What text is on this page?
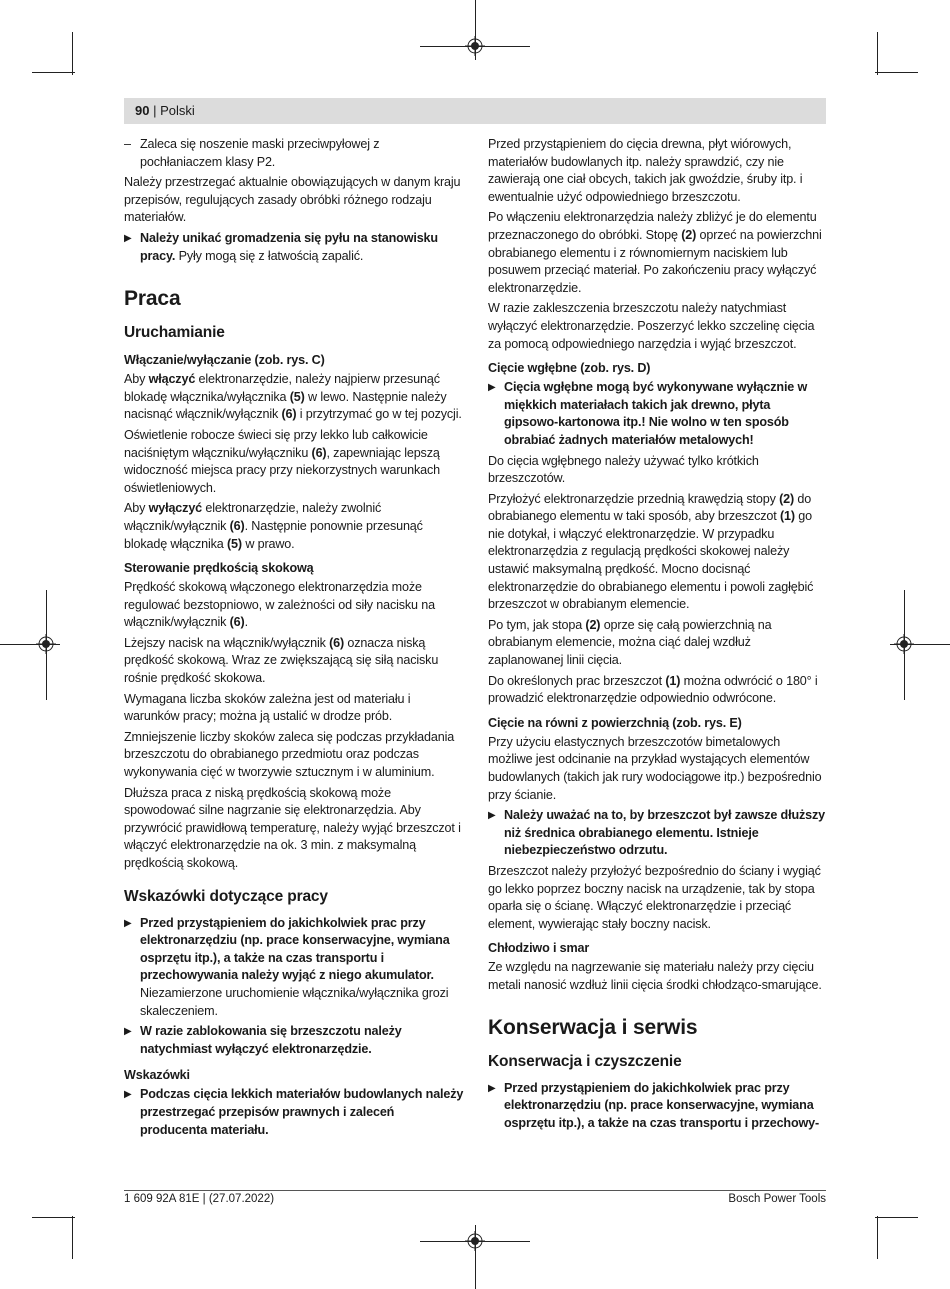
90 | Polski

– Zaleca się noszenie maski przeciwpyłowej z pochłaniaczem klasy P2.

Należy przestrzegać aktualnie obowiązujących w danym kraju przepisów, regulujących zasady obróbki różnego rodzaju materiałów.

▶ Należy unikać gromadzenia się pyłu na stanowisku pracy. Pyły mogą się z łatwością zapalić.

Praca
Uruchamianie
Włączanie/wyłączanie (zob. rys. C)

Aby włączyć elektronarzędzie, należy najpierw przesunąć blokadę włącznika/wyłącznika (5) w lewo. Następnie należy nacisnąć włącznik/wyłącznik (6) i przytrzymać go w tej pozycji.

Oświetlenie robocze świeci się przy lekko lub całkowicie naciśniętym włączniku/wyłączniku (6), zapewniając lepszą widoczność miejsca pracy przy niekorzystnych warunkach oświetleniowych.

Aby wyłączyć elektronarzędzie, należy zwolnić włącznik/wyłącznik (6). Następnie ponownie przesunąć blokadę włącznika (5) w prawo.

Sterowanie prędkością skokową

Prędkość skokową włączonego elektronarzędzia może regulować bezstopniowo, w zależności od siły nacisku na włącznik/wyłącznik (6).

Lżejszy nacisk na włącznik/wyłącznik (6) oznacza niską prędkość skokową. Wraz ze zwiększającą się siłą nacisku rośnie prędkość skokowa.

Wymagana liczba skoków zależna jest od materiału i warunków pracy; można ją ustalić w drodze prób.

Zmniejszenie liczby skoków zaleca się podczas przykładania brzeszczotu do obrabianego przedmiotu oraz podczas wykonywania cięć w tworzywie sztucznym i w aluminium.

Dłuższa praca z niską prędkością skokową może spowodować silne nagrzanie się elektronarzędzia. Aby przywrócić prawidłową temperaturę, należy wyjąć brzeszczot i włączyć elektronarzędzie na ok. 3 min. z maksymalną prędkością skokową.

Wskazówki dotyczące pracy

▶ Przed przystąpieniem do jakichkolwiek prac przy elektronarzędziu (np. prace konserwacyjne, wymiana osprzętu itp.), a także na czas transportu i przechowywania należy wyjąć z niego akumulator. Niezamierzone uruchomienie włącznika/wyłącznika grozi skaleczeniem.

▶ W razie zablokowania się brzeszczotu należy natychmiast wyłączyć elektronarzędzie.

Wskazówki

▶ Podczas cięcia lekkich materiałów budowlanych należy przestrzegać przepisów prawnych i zaleceń producenta materiału.

Przed przystąpieniem do cięcia drewna, płyt wiórowych, materiałów budowlanych itp. należy sprawdzić, czy nie zawierają one ciał obcych, takich jak gwoździe, śruby itp. i ewentualnie użyć odpowiedniego brzeszczotu.

Po włączeniu elektronarzędzia należy zbliżyć je do elementu przeznaczonego do obróbki. Stopę (2) oprzeć na powierzchni obrabianego elementu i z równomiernym naciskiem lub posuwem przeciąć materiał. Po zakończeniu pracy wyłączyć elektronarzędzie.

W razie zakleszczenia brzeszczotu należy natychmiast wyłączyć elektronarzędzie. Poszerzyć lekko szczelinę cięcia za pomocą odpowiedniego narzędzia i wyjąć brzeszczot.

Cięcie wgłębne (zob. rys. D)

▶ Cięcia wgłębne mogą być wykonywane wyłącznie w miękkich materiałach takich jak drewno, płyta gipsowo-kartonowa itp.! Nie wolno w ten sposób obrabiać żadnych materiałów metalowych!

Do cięcia wgłębnego należy używać tylko krótkich brzeszczotów.

Przyłożyć elektronarzędzie przednią krawędzią stopy (2) do obrabianego elementu w taki sposób, aby brzeszczot (1) go nie dotykał, i włączyć elektronarzędzie. W przypadku elektronarzędzia z regulacją prędkości skokowej należy ustawić maksymalną prędkość. Mocno docisnąć elektronarzędzie do obrabianego elementu i powoli zagłębić brzeszczot w obrabianym elemencie.

Po tym, jak stopa (2) oprze się całą powierzchnią na obrabianym elemencie, można ciąć dalej wzdłuż zaplanowanej linii cięcia.

Do określonych prac brzeszczot (1) można odwrócić o 180° i prowadzić elektronarzędzie odpowiednio odwrócone.

Cięcie na równi z powierzchnią (zob. rys. E)

Przy użyciu elastycznych brzeszczotów bimetalowych możliwe jest odcinanie na przykład wystających elementów budowlanych (takich jak rury wodociągowe itp.) bezpośrednio przy ścianie.

▶ Należy uważać na to, by brzeszczot był zawsze dłuższy niż średnica obrabianego elementu. Istnieje niebezpieczeństwo odrzutu.

Brzeszczot należy przyłożyć bezpośrednio do ściany i wygiąć go lekko poprzez boczny nacisk na urządzenie, tak by stopa oparła się o ścianę. Włączyć elektronarzędzie i przeciąć element, wywierając stały boczny nacisk.

Chłodziwo i smar

Ze względu na nagrzewanie się materiału należy przy cięciu metali nanosić wzdłuż linii cięcia środki chłodząco-smarujące.

Konserwacja i serwis
Konserwacja i czyszczenie

▶ Przed przystąpieniem do jakichkolwiek prac przy elektronarzędziu (np. prace konserwacyjne, wymiana osprzętu itp.), a także na czas transportu i przechowy-

1 609 92A 81E | (27.07.2022)	Bosch Power Tools
